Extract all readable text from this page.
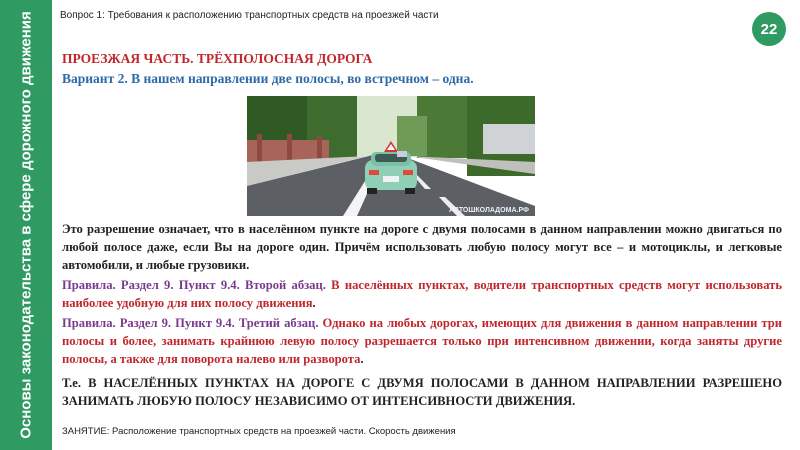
Основы законодательства в сфере дорожного движения	Вопрос 1: Требования к расположению транспортных средств на проезжей части
22
ПРОЕЗЖАЯ ЧАСТЬ. ТРЁХПОЛОСНАЯ ДОРОГА
Вариант 2. В нашем направлении две полосы, во встречном – одна.
АВТОШКОЛАДОМА.РФ
Это разрешение означает, что в населённом пункте на дороге с двумя полосами в данном направлении можно двигаться по любой полосе даже, если Вы на дороге один. Причём использовать любую полосу могут все – и мотоциклы, и легковые автомобили, и любые грузовики.
Правила. Раздел 9. Пункт 9.4. Второй абзац. В населённых пунктах, водители транспортных средств могут использовать наиболее удобную для них полосу движения.
Правила. Раздел 9. Пункт 9.4. Третий абзац. Однако на любых дорогах, имеющих для движения в данном направлении три полосы и более, занимать крайнюю левую полосу разрешается только при интенсивном движении, когда заняты другие полосы, а также для поворота налево или разворота.
Т.е. В НАСЕЛЁННЫХ ПУНКТАХ НА ДОРОГЕ С ДВУМЯ ПОЛОСАМИ В ДАННОМ НАПРАВЛЕНИИ РАЗРЕШЕНО ЗАНИМАТЬ ЛЮБУЮ ПОЛОСУ НЕЗАВИСИМО ОТ ИНТЕНСИВНОСТИ ДВИЖЕНИЯ.
ЗАНЯТИЕ: Расположение транспортных средств на проезжей части. Скорость движения
